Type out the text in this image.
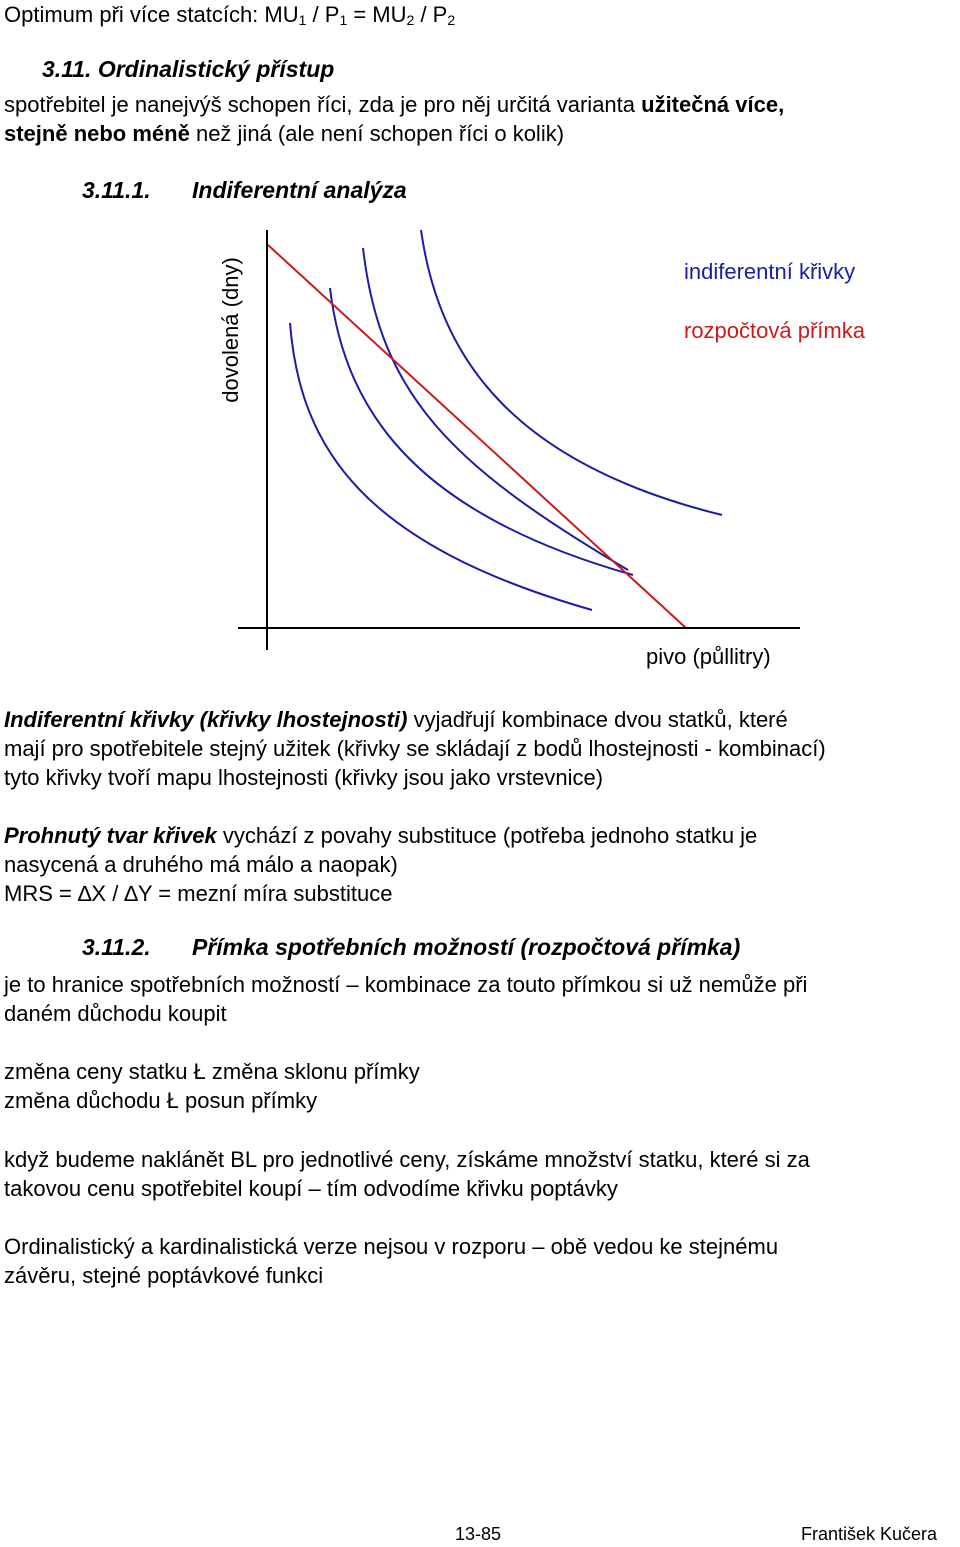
Optimum při více statcích: $MU_1 / P_1 = MU_2 / P_2$
3.11. Ordinalistický přístup
spotřebitel je nanejvýš schopen říci, zda je pro něj určitá varianta užitečná více,
stejně nebo méně než jiná (ale není schopen říci o kolik)
3.11.1. Indiferentní analýza
dovolená (dny)
pivo (půllitry)
indiferentní křivky
rozpočtová přímka
Indiferentní křivky (křivky lhostejnosti) vyjadřují kombinace dvou statků, které
mají pro spotřebitele stejný užitek (křivky se skládají z bodů lhostejnosti - kombinací)
tyto křivky tvoří mapu lhostejnosti (křivky jsou jako vrstevnice)
Prohnutý tvar křivek vychází z povahy substituce (potřeba jednoho statku je
nasycená a druhého má málo a naopak)
MRS = ∆X / ∆Y = mezní míra substituce
3.11.2. Přímka spotřebních možností (rozpočtová přímka)
je to hranice spotřebních možností – kombinace za touto přímkou si už nemůže při
daném důchodu koupit
změna ceny statku Ł změna sklonu přímky
změna důchodu Ł posun přímky
když budeme naklánět BL pro jednotlivé ceny, získáme množství statku, které si za
takovou cenu spotřebitel koupí – tím odvodíme křivku poptávky
Ordinalistický a kardinalistická verze nejsou v rozporu – obě vedou ke stejnému
závěru, stejné poptávkové funkci
13-85	František Kučera
